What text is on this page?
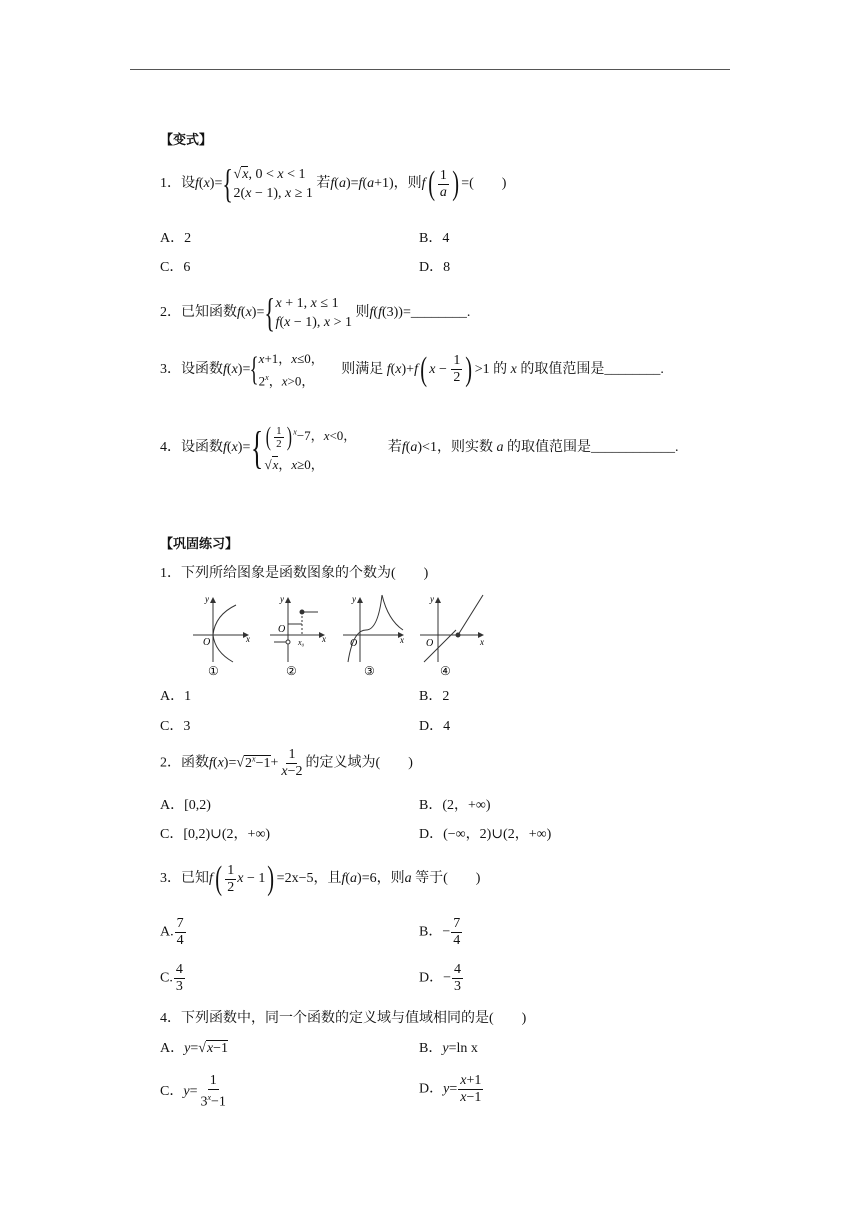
【变式】
1．设f(x)={ √x, 0 < x < 1
2(x − 1), x ≥ 1
若f(a)=f(a+1)，则$f( \frac{1}{a}$ ) =(　　)
A．2	B．4
C．6	D．8
2．已知函数f(x)={ x + 1, x ≤ 1
f(x − 1), x > 1
则f(f(3))=________.
3．设函数f(x)={ x+1，x≤0，
2$^x$，x>0，
则满足 f(x)+f( $x - \frac{1}{2}$ ) >1 的 x 的取值范围是________.
4．设函数f(x)={ ( $\frac{1}{2}$ ) $^x$−7，x<0，
√x，x≥0，
若f(a)<1，则实数 a 的取值范围是____________.
【巩固练习】
1．下列所给图象是函数图象的个数为(　　)
y
O	x
①
y
O
x₀ x
②
y
O	x
③
y
O	x
④
A．1	B．2
C．3	D．4
2．函数$f(x)=√2^x-1+ \frac{1}{x-2}$ 的定义域为(　　)
A．[0,2)	B．(2，+∞)
C．[0,2)∪(2，+∞)	D．(−∞，2)∪(2，+∞)
3．已知$f( \frac{1}{2}$ x − 1) =2x−5，且f(a)=6，则a 等于(　　)
A. $\frac{7}{4}$	B．− $\frac{7}{4}$
C. $\frac{4}{3}$	D．− $\frac{4}{3}$
4．下列函数中，同一个函数的定义域与值域相同的是(　　)
A．y=√x−1	B．y=ln x
C．$y= \frac{1}{3^x-1}$	D．$y= \frac{x+1}{x-1}$
